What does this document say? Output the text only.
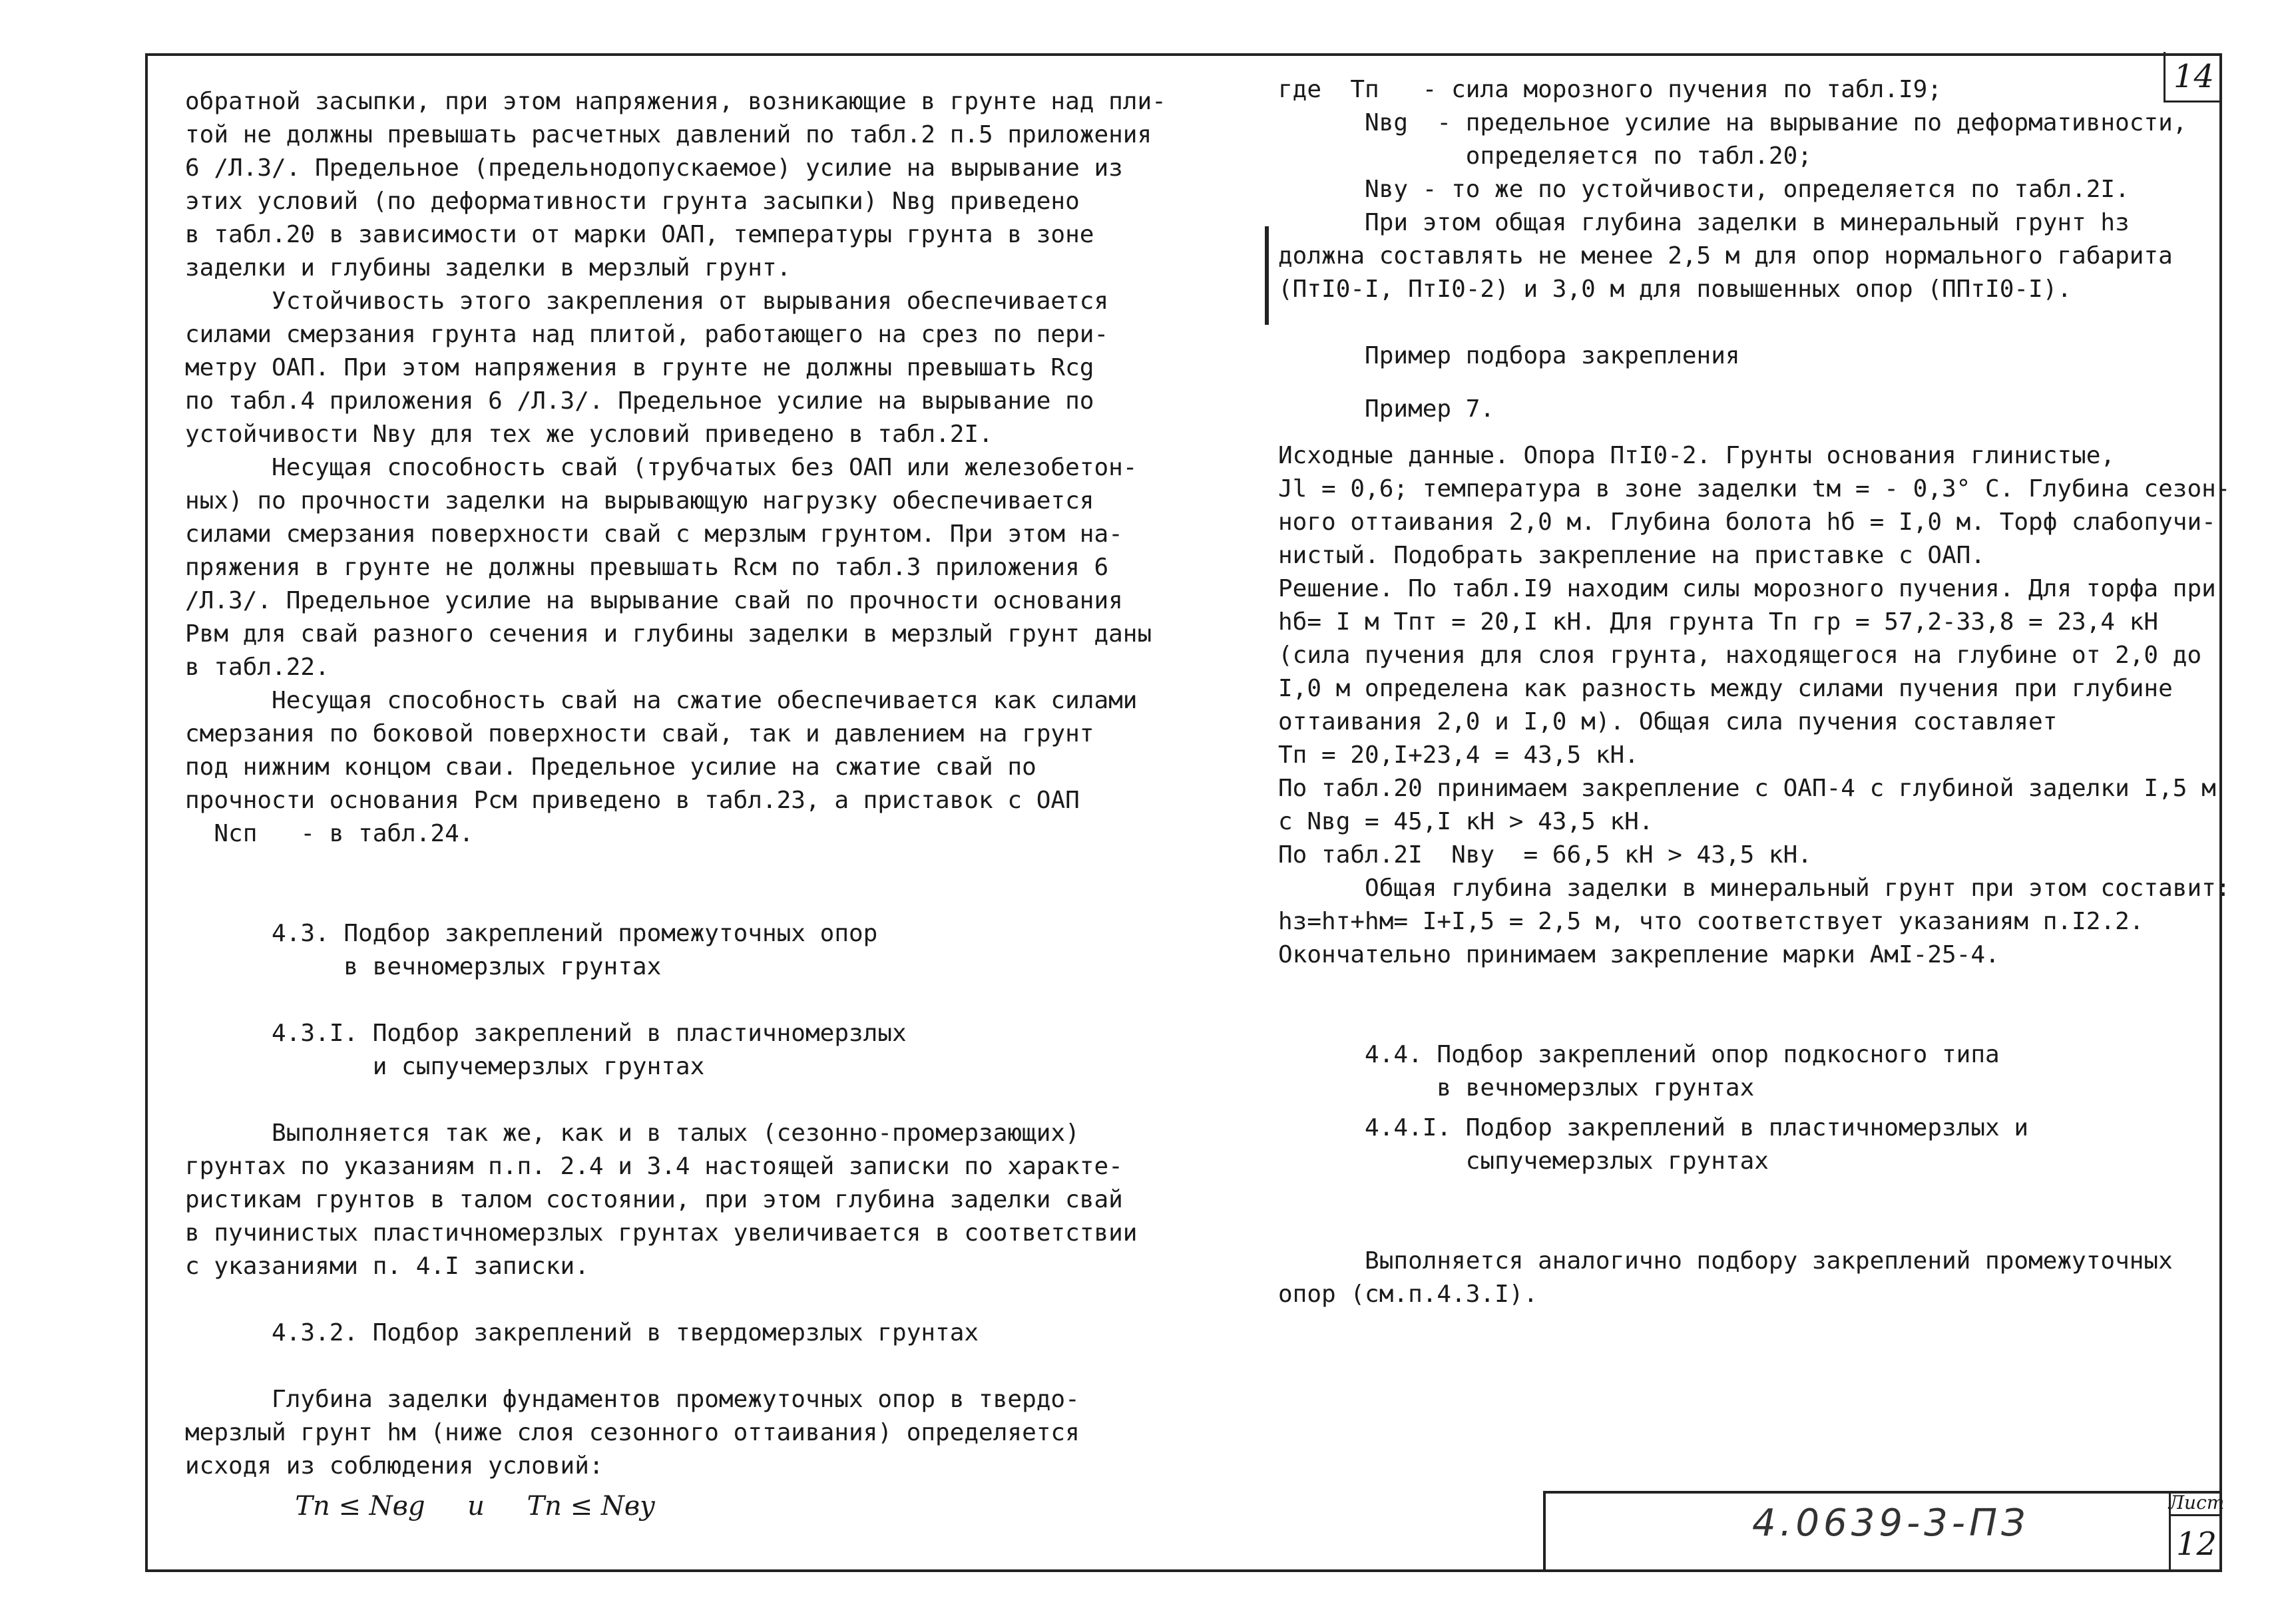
14

обратной засыпки, при этом напряжения, возникающие в грунте над пли-

той не должны превышать расчетных давлений по табл.2 п.5 приложения

6 /Л.3/. Предельное (предельнодопускаемое) усилие на вырывание из

этих условий (по деформативности грунта засыпки) Nвg приведено

в табл.20 в зависимости от марки ОАП, температуры грунта в зоне

заделки и глубины заделки в мерзлый грунт.

Устойчивость этого закрепления от вырывания обеспечивается

силами смерзания грунта над плитой, работающего на срез по пери-

метру ОАП. При этом напряжения в грунте не должны превышать Rсg

по табл.4 приложения 6 /Л.3/. Предельное усилие на вырывание по

устойчивости Nву для тех же условий приведено в табл.2I.

Несущая способность свай (трубчатых без ОАП или железобетон-

ных) по прочности заделки на вырывающую нагрузку обеспечивается

силами смерзания поверхности свай с мерзлым грунтом. При этом на-

пряжения в грунте не должны превышать Rсм по табл.3 приложения 6

/Л.3/. Предельное усилие на вырывание свай по прочности основания

Pвм для свай разного сечения и глубины заделки в мерзлый грунт даны

в табл.22.

Несущая способность свай на сжатие обеспечивается как силами

смерзания по боковой поверхности свай, так и давлением на грунт

под нижним концом сваи. Предельное усилие на сжатие свай по

прочности основания Pсм приведено в табл.23, а приставок с ОАП

Nсп   - в табл.24.

4.3. Подбор закреплений промежуточных опор

в вечномерзлых грунтах

4.3.I. Подбор закреплений в пластичномерзлых

и сыпучемерзлых грунтах

Выполняется так же, как и в талых (сезонно-промерзающих)

грунтах по указаниям п.п. 2.4 и 3.4 настоящей записки по характе-

ристикам грунтов в талом состоянии, при этом глубина заделки свай

в пучинистых пластичномерзлых грунтах увеличивается в соответствии

с указаниями п. 4.I записки.

4.3.2. Подбор закреплений в твердомерзлых грунтах

Глубина заделки фундаментов промежуточных опор в твердо-

мерзлый грунт hм (ниже слоя сезонного оттаивания) определяется

исходя из соблюдения условий:

Tп ≤ Nвg     и     Tп ≤ Nву

где  Tп   - сила морозного пучения по табл.I9;

Nвg  - предельное усилие на вырывание по деформативности,

определяется по табл.20;

Nву - то же по устойчивости, определяется по табл.2I.

При этом общая глубина заделки в минеральный грунт hз

должна составлять не менее 2,5 м для опор нормального габарита

(ПтI0-I, ПтI0-2) и 3,0 м для повышенных опор (ППтI0-I).

Пример подбора закрепления

Пример 7.

Исходные данные. Опора ПтI0-2. Грунты основания глинистые,

Jl = 0,6; температура в зоне заделки tм = - 0,3° С. Глубина сезон-

ного оттаивания 2,0 м. Глубина болота hб = I,0 м. Торф слабопучи-

нистый. Подобрать закрепление на приставке с ОАП.

Решение. По табл.I9 находим силы морозного пучения. Для торфа при

hб= I м Tпт = 20,I кН. Для грунта Tп гр = 57,2-33,8 = 23,4 кН

(сила пучения для слоя грунта, находящегося на глубине от 2,0 до

I,0 м определена как разность между силами пучения при глубине

оттаивания 2,0 и I,0 м). Общая сила пучения составляет

Tп = 20,I+23,4 = 43,5 кН.

По табл.20 принимаем закрепление с ОАП-4 с глубиной заделки I,5 м

с Nвg = 45,I кН > 43,5 кН.

По табл.2I  Nву  = 66,5 кН > 43,5 кН.

Общая глубина заделки в минеральный грунт при этом составит:

hз=hт+hм= I+I,5 = 2,5 м, что соответствует указаниям п.I2.2.

Окончательно принимаем закрепление марки АмI-25-4.

4.4. Подбор закреплений опор подкосного типа

в вечномерзлых грунтах

4.4.I. Подбор закреплений в пластичномерзлых и

сыпучемерзлых грунтах

Выполняется аналогично подбору закреплений промежуточных

опор (см.п.4.3.I).

4.0639-3-ПЗ	Лист
12
